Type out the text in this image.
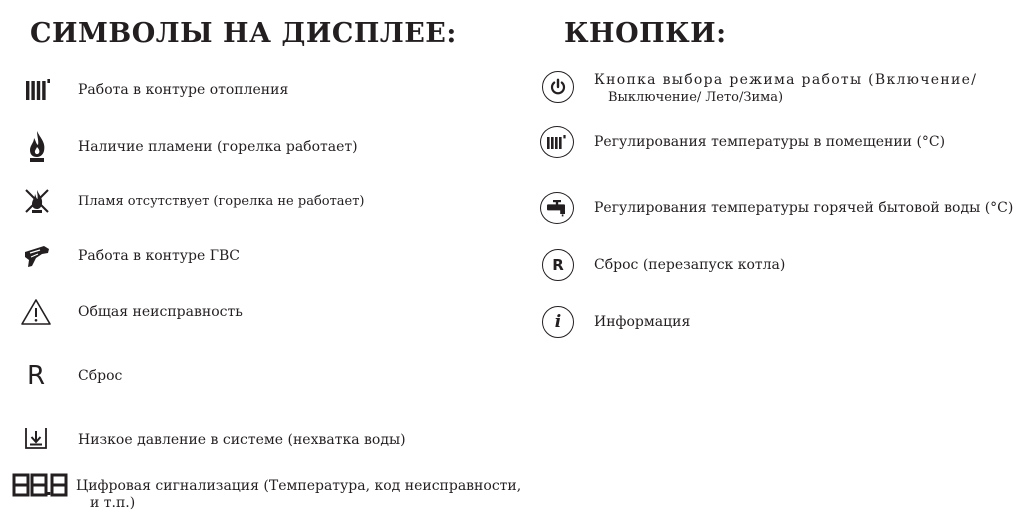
СИМВОЛЫ НА ДИСПЛЕЕ:
Работа в контуре отопления
Наличие пламени (горелка работает)
Пламя отсутствует (горелка не работает)
Работа в контуре ГВС
Общая неисправность
R Сброс
Низкое давление в системе (нехватка воды)
Цифровая сигнализация (Температура, код неисправности,
и т.п.)
КНОПКИ:
Кнопка выбора режима работы (Включение/
Выключение/ Лето/Зима)
Регулирования температуры в помещении (°C)
Регулирования температуры горячей бытовой воды (°C)
R Сброс (перезапуск котла)
i Информация
